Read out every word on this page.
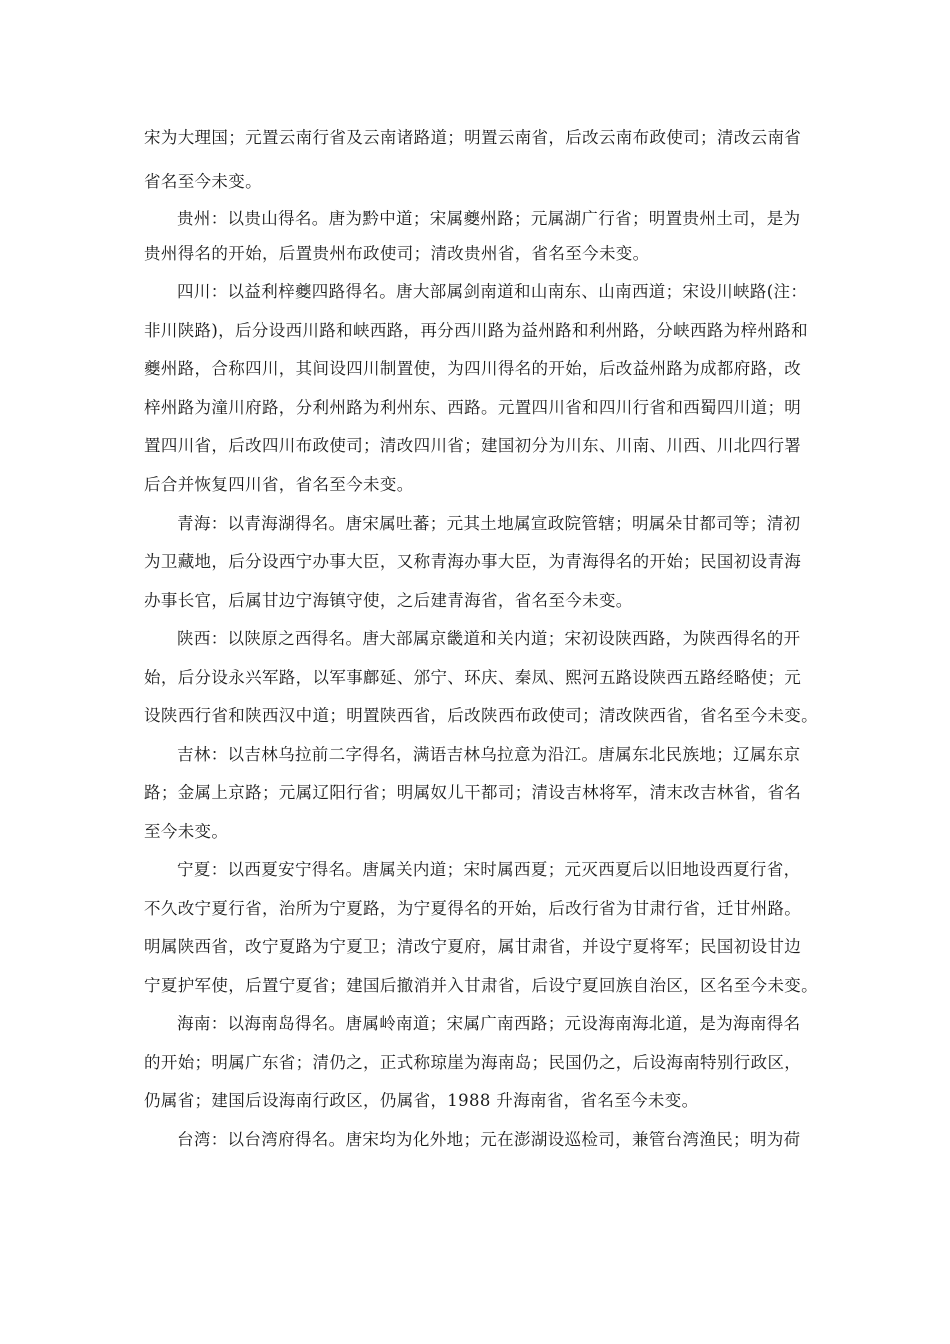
宋为大理国；元置云南行省及云南诸路道；明置云南省，后改云南布政使司；清改云南省
省名至今未变。
贵州：以贵山得名。唐为黔中道；宋属夔州路；元属湖广行省；明置贵州土司，是为
贵州得名的开始，后置贵州布政使司；清改贵州省，省名至今未变。
四川：以益利梓夔四路得名。唐大部属剑南道和山南东、山南西道；宋设川峡路(注：
非川陕路)，后分设西川路和峡西路，再分西川路为益州路和利州路，分峡西路为梓州路和
夔州路，合称四川，其间设四川制置使，为四川得名的开始，后改益州路为成都府路，改
梓州路为潼川府路，分利州路为利州东、西路。元置四川省和四川行省和西蜀四川道；明
置四川省，后改四川布政使司；清改四川省；建国初分为川东、川南、川西、川北四行署
后合并恢复四川省，省名至今未变。
青海：以青海湖得名。唐宋属吐蕃；元其土地属宣政院管辖；明属朵甘都司等；清初
为卫藏地，后分设西宁办事大臣，又称青海办事大臣，为青海得名的开始；民国初设青海
办事长官，后属甘边宁海镇守使，之后建青海省，省名至今未变。
陕西：以陕原之西得名。唐大部属京畿道和关内道；宋初设陕西路，为陕西得名的开
始，后分设永兴军路，以军事鄜延、邠宁、环庆、秦凤、熙河五路设陕西五路经略使；元
设陕西行省和陕西汉中道；明置陕西省，后改陕西布政使司；清改陕西省，省名至今未变。
吉林：以吉林乌拉前二字得名，满语吉林乌拉意为沿江。唐属东北民族地；辽属东京
路；金属上京路；元属辽阳行省；明属奴儿干都司；清设吉林将军，清末改吉林省，省名
至今未变。
宁夏：以西夏安宁得名。唐属关内道；宋时属西夏；元灭西夏后以旧地设西夏行省，
不久改宁夏行省，治所为宁夏路，为宁夏得名的开始，后改行省为甘肃行省，迁甘州路。
明属陕西省，改宁夏路为宁夏卫；清改宁夏府，属甘肃省，并设宁夏将军；民国初设甘边
宁夏护军使，后置宁夏省；建国后撤消并入甘肃省，后设宁夏回族自治区，区名至今未变。
海南：以海南岛得名。唐属岭南道；宋属广南西路；元设海南海北道，是为海南得名
的开始；明属广东省；清仍之，正式称琼崖为海南岛；民国仍之，后设海南特别行政区，
仍属省；建国后设海南行政区，仍属省，1988 升海南省，省名至今未变。
台湾：以台湾府得名。唐宋均为化外地；元在澎湖设巡检司，兼管台湾渔民；明为荷
